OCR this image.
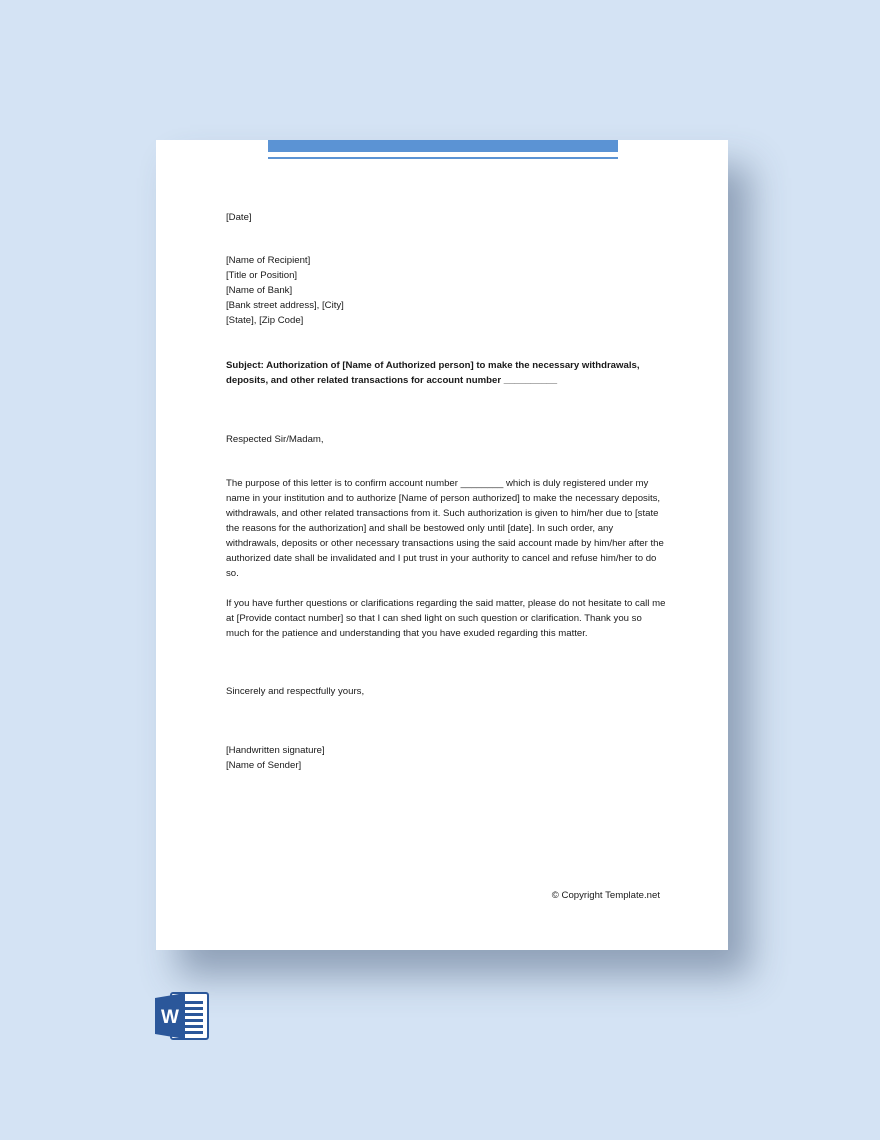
[Date]

[Name of Recipient]

[Title or Position]

[Name of Bank]

[Bank street address], [City]

[State], [Zip Code]

Subject: Authorization of [Name of Authorized person] to make the necessary withdrawals, deposits, and other related transactions for account number __________

Respected Sir/Madam,

The purpose of this letter is to confirm account number ________ which is duly registered under my name in your institution and to authorize [Name of person authorized] to make the necessary deposits, withdrawals, and other related transactions from it. Such authorization is given to him/her due to [state the reasons for the authorization] and shall be bestowed only until [date]. In such order, any withdrawals, deposits or other necessary transactions using the said account made by him/her after the authorized date shall be invalidated and I put trust in your authority to cancel and refuse him/her to do so.

If you have further questions or clarifications regarding the said matter, please do not hesitate to call me at [Provide contact number] so that I can shed light on such question or clarification. Thank you so much for the patience and understanding that you have exuded regarding this matter.

Sincerely and respectfully yours,

[Handwritten signature]

[Name of Sender]

© Copyright Template.net
W
